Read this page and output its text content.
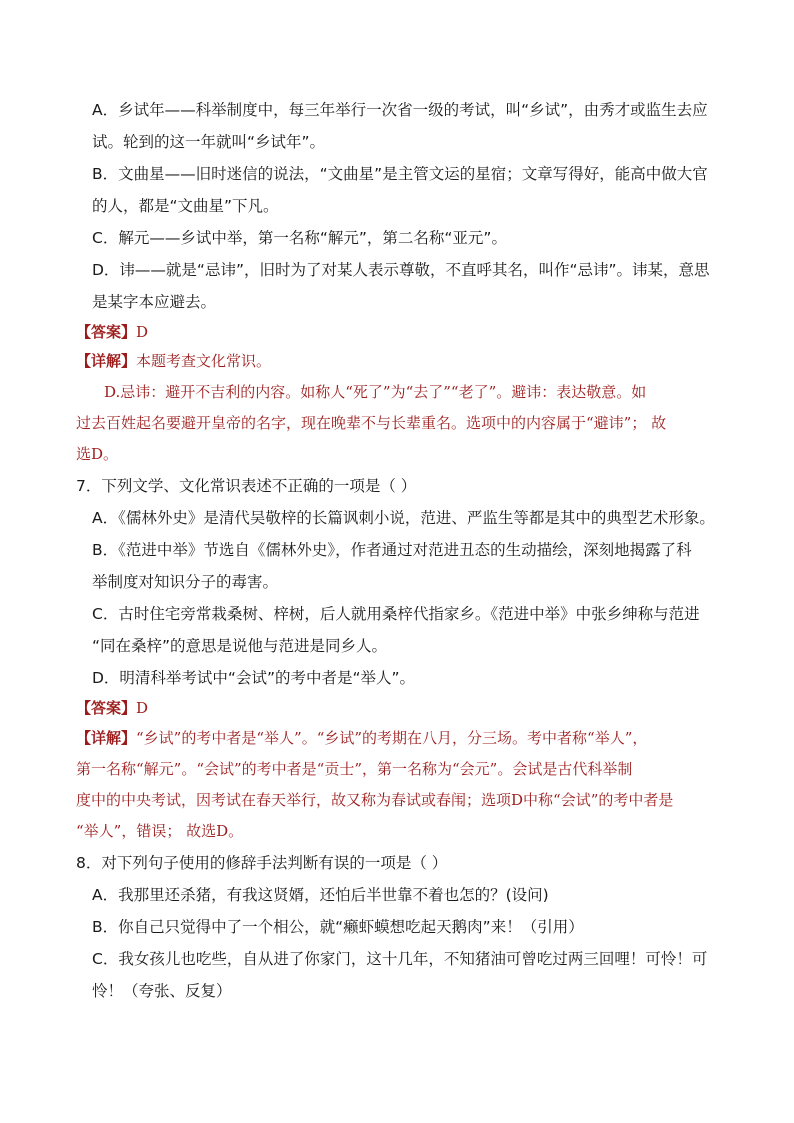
A．乡试年——科举制度中，每三年举行一次省一级的考试，叫“乡试”，由秀才或监生去应
试。轮到的这一年就叫“乡试年”。
B．文曲星——旧时迷信的说法，“文曲星”是主管文运的星宿；文章写得好，能高中做大官
的人，都是“文曲星”下凡。
C．解元——乡试中举，第一名称“解元”，第二名称“亚元”。
D．讳——就是“忌讳”，旧时为了对某人表示尊敬，不直呼其名，叫作“忌讳”。讳某，意思
是某字本应避去。
【答案】D
【详解】本题考查文化常识。
D.忌讳：避开不吉利的内容。如称人“死了”为“去了”“老了”。避讳：表达敬意。如
过去百姓起名要避开皇帝的名字，现在晚辈不与长辈重名。选项中的内容属于“避讳”； 故
选D。
7．下列文学、文化常识表述不正确的一项是（ ）
A．《儒林外史》是清代吴敬梓的长篇讽刺小说，范进、严监生等都是其中的典型艺术形象。
B．《范进中举》节选自《儒林外史》，作者通过对范进丑态的生动描绘，深刻地揭露了科
举制度对知识分子的毒害。
C．古时住宅旁常栽桑树、梓树，后人就用桑梓代指家乡。《范进中举》中张乡绅称与范进
“同在桑梓”的意思是说他与范进是同乡人。
D．明清科举考试中“会试”的考中者是“举人”。
【答案】D
【详解】“乡试”的考中者是“举人”。“乡试”的考期在八月，分三场。考中者称“举人”，
第一名称“解元”。“会试”的考中者是“贡士”，第一名称为“会元”。会试是古代科举制
度中的中央考试，因考试在春天举行，故又称为春试或春闱；选项D中称“会试”的考中者是
“举人”，错误； 故选D。
8．对下列句子使用的修辞手法判断有误的一项是（ ）
A．我那里还杀猪，有我这贤婿，还怕后半世靠不着也怎的？(设问)
B．你自己只觉得中了一个相公，就“癞虾蟆想吃起天鹅肉”来！（引用）
C．我女孩儿也吃些，自从进了你家门，这十几年，不知猪油可曾吃过两三回哩！可怜！可
怜！（夸张、反复）
